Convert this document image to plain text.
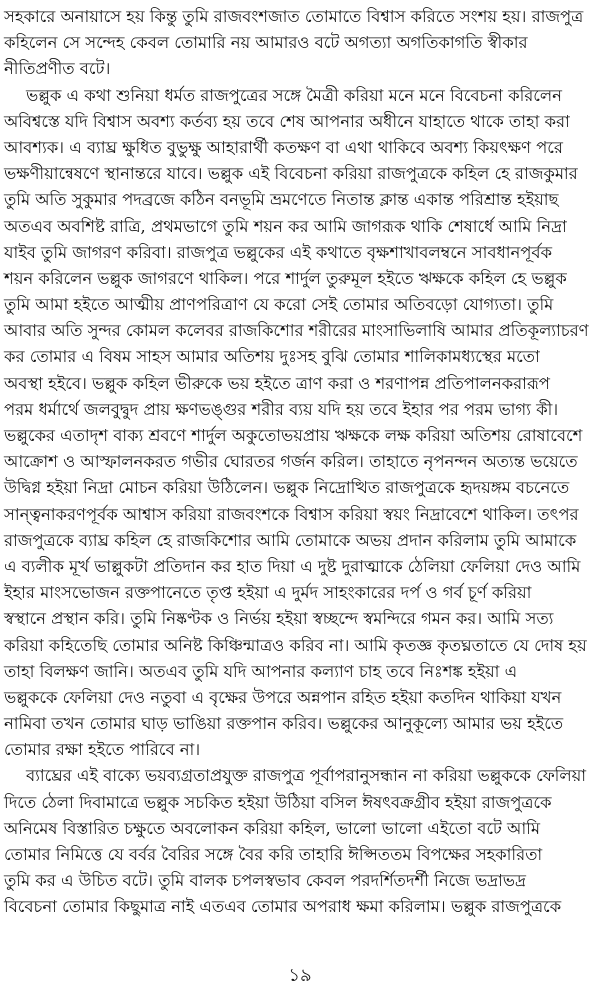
সহকারে অনায়াসে হয় কিন্তু তুমি রাজবংশজাত তোমাতে বিশ্বাস করিতে সংশয় হয়। রাজপুত্র
কহিলেন সে সন্দেহ কেবল তোমারি নয় আমারও বটে অগত্যা অগতিকাগতি স্বীকার
নীতিপ্রণীত বটে।
ভল্লুক এ কথা শুনিয়া ধর্মত রাজপুত্রের সঙ্গে মৈত্রী করিয়া মনে মনে বিবেচনা করিলেন
অবিশ্বস্তে যদি বিশ্বাস অবশ্য কর্তব্য হয় তবে শেষ আপনার অধীনে যাহাতে থাকে তাহা করা
আবশ্যক। এ ব্যাঘ্র ক্ষুধিত বুভুক্ষু আহারার্থী কতক্ষণ বা এথা থাকিবে অবশ্য কিয়ৎক্ষণ পরে
ভক্ষণীয়ান্বেষণে স্থানান্তরে যাবে। ভল্লুক এই বিবেচনা করিয়া রাজপুত্রকে কহিল হে রাজকুমার
তুমি অতি সুকুমার পদব্রজে কঠিন বনভূমি ভ্রমণেতে নিতান্ত ক্লান্ত একান্ত পরিশ্রান্ত হইয়াছ
অতএব অবশিষ্ট রাত্রি, প্রথমভাগে তুমি শয়ন কর আমি জাগরূক থাকি শেষার্ধে আমি নিদ্রা
যাইব তুমি জাগরণ করিবা। রাজপুত্র ভল্লুকের এই কথাতে বৃক্ষশাখাবলম্বনে সাবধানপূর্বক
শয়ন করিলেন ভল্লুক জাগরণে থাকিল। পরে শার্দুল তুরুমূল হইতে ঋক্ষকে কহিল হে ভল্লুক
তুমি আমা হইতে আত্মীয় প্রাণপরিত্রাণ যে করো সেই তোমার অতিবড়ো যোগ্যতা। তুমি
আবার অতি সুন্দর কোমল কলেবর রাজকিশোর শরীরের মাংসাভিলাষি আমার প্রতিকূল্যাচরণ
কর তোমার এ বিষম সাহস আমার অতিশয় দুঃসহ বুঝি তোমার শালিকামধ্যস্থের মতো
অবস্থা হইবে। ভল্লুক কহিল ভীরুকে ভয় হইতে ত্রাণ করা ও শরণাপন্ন প্রতিপালনকরারূপ
পরম ধর্মার্থে জলবুদ্বুদ প্রায় ক্ষণভঙ্গুর শরীর ব্যয় যদি হয় তবে ইহার পর পরম ভাগ্য কী।
ভল্লুকের এতাদৃশ বাক্য শ্রবণে শার্দুল অকুতোভয়প্রায় ঋক্ষকে লক্ষ করিয়া অতিশয় রোষাবেশে
আক্রোশ ও আস্ফালনকরত গভীর ঘোরতর গর্জন করিল। তাহাতে নৃপনন্দন অত্যন্ত ভয়েতে
উদ্বিগ্ন হইয়া নিদ্রা মোচন করিয়া উঠিলেন। ভল্লুক নিদ্রোত্থিত রাজপুত্রকে হৃদয়ঙ্গম বচনেতে
সান্ত্বনাকরণপূর্বক আশ্বাস করিয়া রাজবংশকে বিশ্বাস করিয়া স্বয়ং নিদ্রাবেশে থাকিল। তৎপর
রাজপুত্রকে ব্যাঘ্র কহিল হে রাজকিশোর আমি তোমাকে অভয় প্রদান করিলাম তুমি আমাকে
এ ব্যলীক মূর্খ ভাল্লুকটা প্রতিদান কর হাত দিয়া এ দুষ্ট দুরাত্মাকে ঠেলিয়া ফেলিয়া দেও আমি
ইহার মাংসভোজন রক্তপানেতে তৃপ্ত হইয়া এ দুর্মদ সাহংকারের দর্প ও গর্ব চূর্ণ করিয়া
স্বস্থানে প্রস্থান করি। তুমি নিষ্কণ্টক ও নির্ভয় হইয়া স্বচ্ছন্দে স্বমন্দিরে গমন কর। আমি সত্য
করিয়া কহিতেছি তোমার অনিষ্ট কিঞ্চিন্মাত্রও করিব না। আমি কৃতজ্ঞ কৃতঘ্নতাতে যে দোষ হয়
তাহা বিলক্ষণ জানি। অতএব তুমি যদি আপনার কল্যাণ চাহ তবে নিঃশঙ্ক হইয়া এ
ভল্লুককে ফেলিয়া দেও নতুবা এ বৃক্ষের উপরে অন্নপান রহিত হইয়া কতদিন থাকিয়া যখন
নামিবা তখন তোমার ঘাড় ভাঙিয়া রক্তপান করিব। ভল্লুকের আনুকূল্যে আমার ভয় হইতে
তোমার রক্ষা হইতে পারিবে না।
ব্যাঘ্রের এই বাক্যে ভয়ব্যগ্রতাপ্রযুক্ত রাজপুত্র পূর্বাপরানুসন্ধান না করিয়া ভল্লুককে ফেলিয়া
দিতে ঠেলা দিবামাত্রে ভল্লুক সচকিত হইয়া উঠিয়া বসিল ঈষৎবক্রগ্রীব হইয়া রাজপুত্রকে
অনিমেষ বিস্তারিত চক্ষুতে অবলোকন করিয়া কহিল, ভালো ভালো এইতো বটে আমি
তোমার নিমিত্তে যে বর্বর বৈরির সঙ্গে বৈর করি তাহারি ঈপ্সিততম বিপক্ষের সহকারিতা
তুমি কর এ উচিত বটে। তুমি বালক চপলস্বভাব কেবল পরদর্শিতদর্শী নিজে ভদ্রাভদ্র
বিবেচনা তোমার কিছুমাত্র নাই এতএব তোমার অপরাধ ক্ষমা করিলাম। ভল্লুক রাজপুত্রকে
১৯
